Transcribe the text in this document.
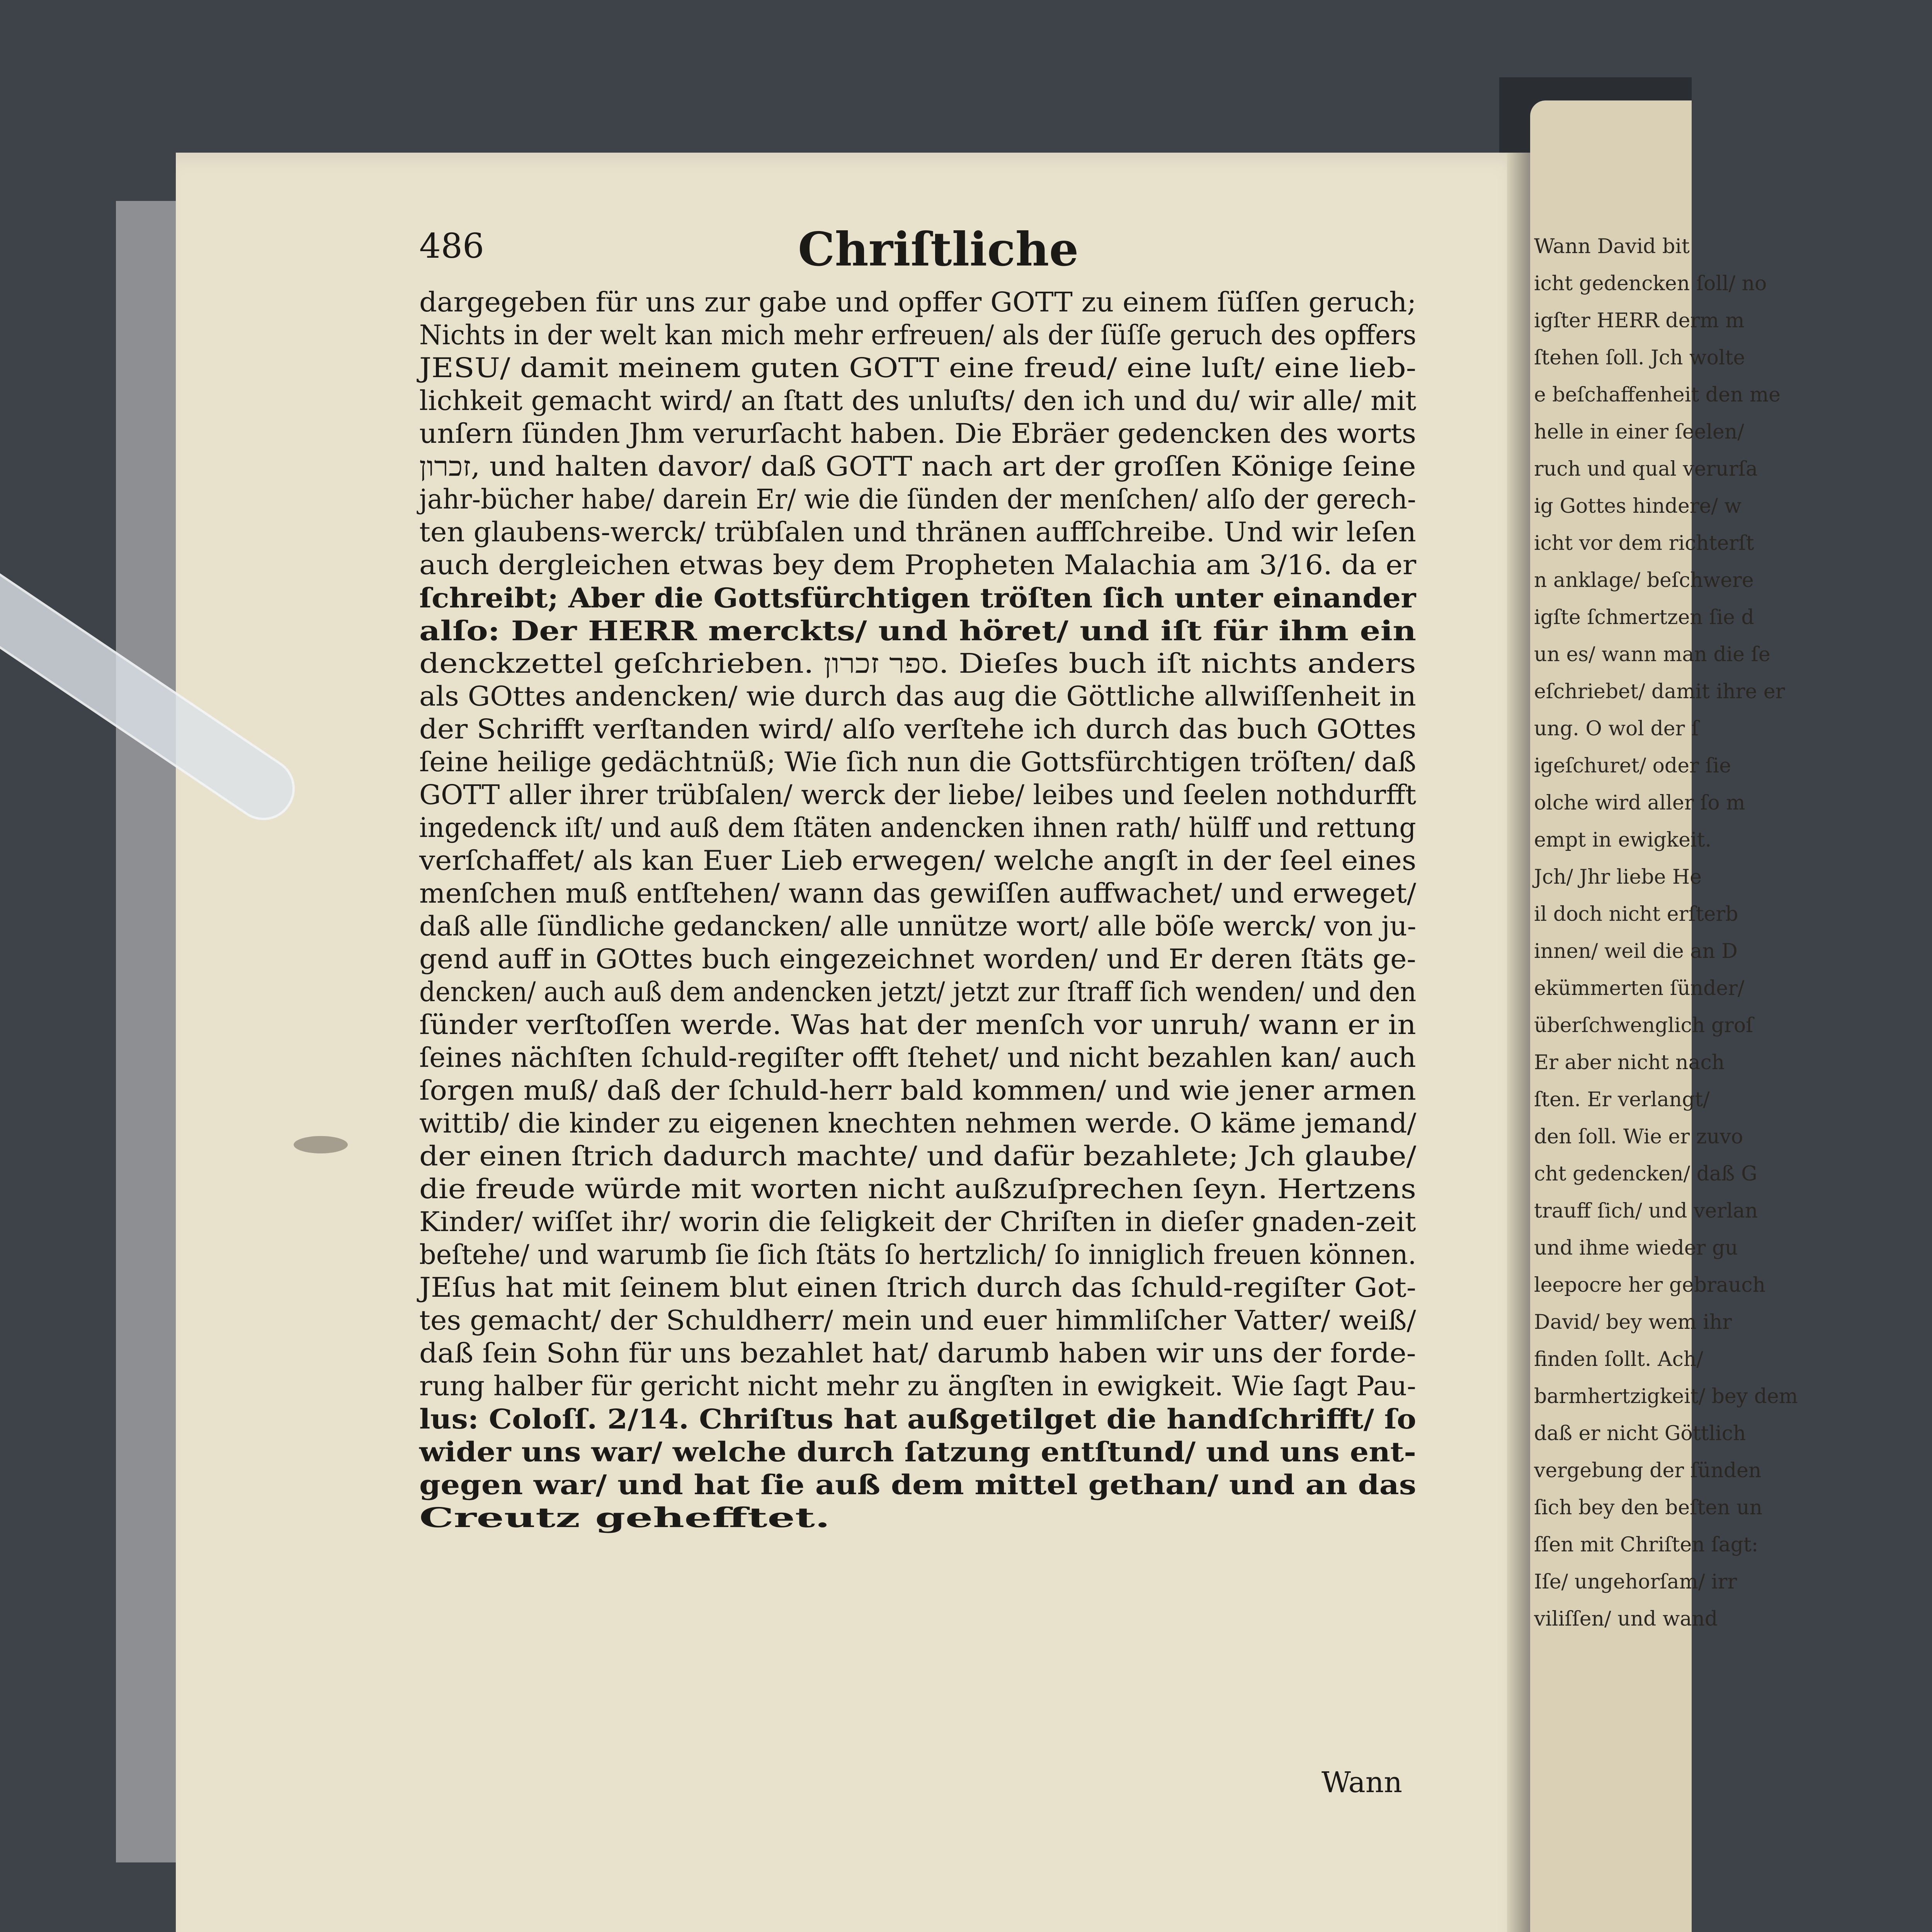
486	Chriſtliche
dargegeben für uns zur gabe und opffer GOTT zu einem ſüſſen geruch;
Nichts in der welt kan mich mehr erfreuen/ als der ſüſſe geruch des opffers
JESU/ damit meinem guten GOTT eine freud/ eine luſt/ eine lieb-
lichkeit gemacht wird/ an ſtatt des unluſts/ den ich und du/ wir alle/ mit
unſern ſünden Jhm verurſacht haben. Die Ebräer gedencken des worts
זכרון, und halten davor/ daß GOTT nach art der groſſen Könige ſeine
jahr-bücher habe/ darein Er/ wie die ſünden der menſchen/ alſo der gerech-
ten glaubens-werck/ trübſalen und thränen auffſchreibe. Und wir leſen
auch dergleichen etwas bey dem Propheten Malachia am 3/16. da er
ſchreibt; Aber die Gottsfürchtigen tröſten ſich unter einander
alſo: Der HERR merckts/ und höret/ und iſt für ihm ein
denckzettel geſchrieben. ספר זכרון. Dieſes buch iſt nichts anders
als GOttes andencken/ wie durch das aug die Göttliche allwiſſenheit in
der Schrifft verſtanden wird/ alſo verſtehe ich durch das buch GOttes
ſeine heilige gedächtnüß; Wie ſich nun die Gottsfürchtigen tröſten/ daß
GOTT aller ihrer trübſalen/ werck der liebe/ leibes und ſeelen nothdurfft
ingedenck iſt/ und auß dem ſtäten andencken ihnen rath/ hülff und rettung
verſchaffet/ als kan Euer Lieb erwegen/ welche angſt in der ſeel eines
menſchen muß entſtehen/ wann das gewiſſen auffwachet/ und erweget/
daß alle ſündliche gedancken/ alle unnütze wort/ alle böſe werck/ von ju-
gend auff in GOttes buch eingezeichnet worden/ und Er deren ſtäts ge-
dencken/ auch auß dem andencken jetzt/ jetzt zur ſtraff ſich wenden/ und den
ſünder verſtoſſen werde. Was hat der menſch vor unruh/ wann er in
ſeines nächſten ſchuld-regiſter offt ſtehet/ und nicht bezahlen kan/ auch
ſorgen muß/ daß der ſchuld-herr bald kommen/ und wie jener armen
wittib/ die kinder zu eigenen knechten nehmen werde. O käme jemand/
der einen ſtrich dadurch machte/ und dafür bezahlete; Jch glaube/
die freude würde mit worten nicht außzuſprechen ſeyn. Hertzens
Kinder/ wiſſet ihr/ worin die ſeligkeit der Chriſten in dieſer gnaden-zeit
beſtehe/ und warumb ſie ſich ſtäts ſo hertzlich/ ſo inniglich freuen können.
JEſus hat mit ſeinem blut einen ſtrich durch das ſchuld-regiſter Got-
tes gemacht/ der Schuldherr/ mein und euer himmliſcher Vatter/ weiß/
daß ſein Sohn für uns bezahlet hat/ darumb haben wir uns der forde-
rung halber für gericht nicht mehr zu ängſten in ewigkeit. Wie ſagt Pau-
lus: Coloſſ. 2/14. Chriſtus hat außgetilget die handſchrifft/ ſo
wider uns war/ welche durch ſatzung entſtund/ und uns ent-
gegen war/ und hat ſie auß dem mittel gethan/ und an das
Creutz gehefftet.
Wann
Wann David bit
icht gedencken ſoll/ no
igſter HERR derm m
ſtehen ſoll. Jch wolte
e beſchaffenheit den me
helle in einer ſeelen/
ruch und qual verurſa
ig Gottes hindere/ w
icht vor dem richterſt
n anklage/ beſchwere
igſte ſchmertzen ſie d
un es/ wann man die ſe
eſchriebet/ damit ihre er
ung. O wol der ſ
igeſchuret/ oder ſie
olche wird aller ſo m
empt in ewigkeit.
Jch/ Jhr liebe He
il doch nicht erſterb
innen/ weil die an D
ekümmerten ſünder/
überſchwenglich groſ
Er aber nicht nach
ſten. Er verlangt/
den ſoll. Wie er zuvo
cht gedencken/ daß G
trauff ſich/ und verlan
und ihme wieder gu
leepocre her gebrauch
David/ bey wem ihr
finden ſollt. Ach/
barmhertzigkeit/ bey dem
daß er nicht Göttlich
vergebung der ſünden
ſich bey den beſten un
ſſen mit Chriſten ſagt:
Iſe/ ungehorſam/ irr
viliſſen/ und wand
